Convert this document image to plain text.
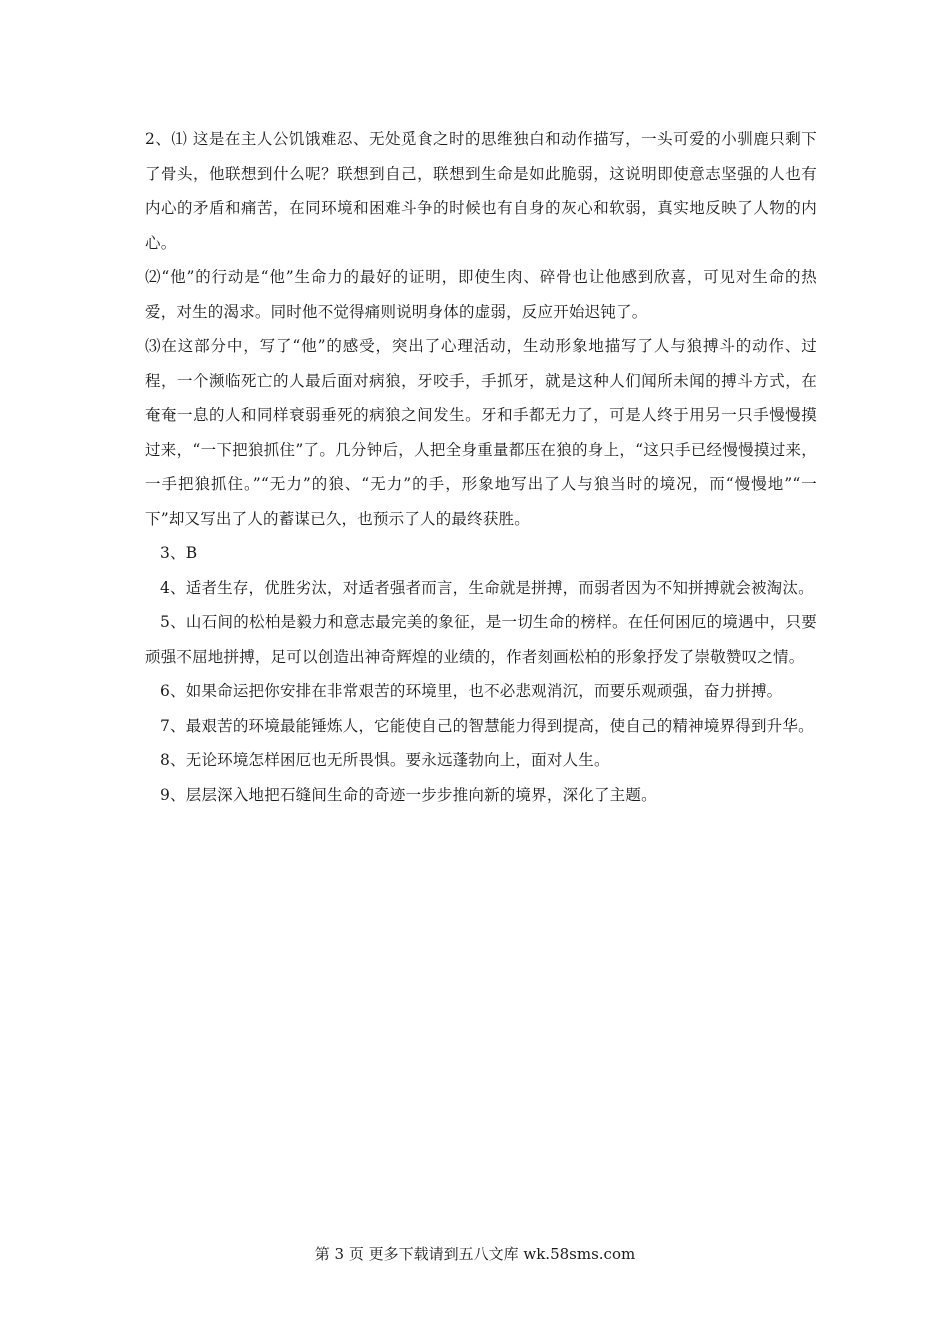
2、⑴ 这是在主人公饥饿难忍、无处觅食之时的思维独白和动作描写，一头可爱的小驯鹿只剩下了骨头，他联想到什么呢？联想到自己，联想到生命是如此脆弱，这说明即使意志坚强的人也有内心的矛盾和痛苦，在同环境和困难斗争的时候也有自身的灰心和软弱，真实地反映了人物的内心。

⑵“他”的行动是“他”生命力的最好的证明，即使生肉、碎骨也让他感到欣喜，可见对生命的热爱，对生的渴求。同时他不觉得痛则说明身体的虚弱，反应开始迟钝了。

⑶在这部分中，写了“他”的感受，突出了心理活动，生动形象地描写了人与狼搏斗的动作、过程，一个濒临死亡的人最后面对病狼，牙咬手，手抓牙，就是这种人们闻所未闻的搏斗方式，在奄奄一息的人和同样衰弱垂死的病狼之间发生。牙和手都无力了，可是人终于用另一只手慢慢摸过来，“一下把狼抓住”了。几分钟后，人把全身重量都压在狼的身上，“这只手已经慢慢摸过来，一手把狼抓住。”“无力”的狼、“无力”的手，形象地写出了人与狼当时的境况，而“慢慢地”“一下”却又写出了人的蓄谋已久，也预示了人的最终获胜。

3、B

4、适者生存，优胜劣汰，对适者强者而言，生命就是拼搏，而弱者因为不知拼搏就会被淘汰。

5、山石间的松柏是毅力和意志最完美的象征，是一切生命的榜样。在任何困厄的境遇中，只要顽强不屈地拼搏，足可以创造出神奇辉煌的业绩的，作者刻画松柏的形象抒发了崇敬赞叹之情。

6、如果命运把你安排在非常艰苦的环境里，也不必悲观消沉，而要乐观顽强，奋力拼搏。

7、最艰苦的环境最能锤炼人，它能使自己的智慧能力得到提高，使自己的精神境界得到升华。

8、无论环境怎样困厄也无所畏惧。要永远蓬勃向上，面对人生。

9、层层深入地把石缝间生命的奇迹一步步推向新的境界，深化了主题。

第 3 页 更多下载请到五八文库 wk.58sms.com
